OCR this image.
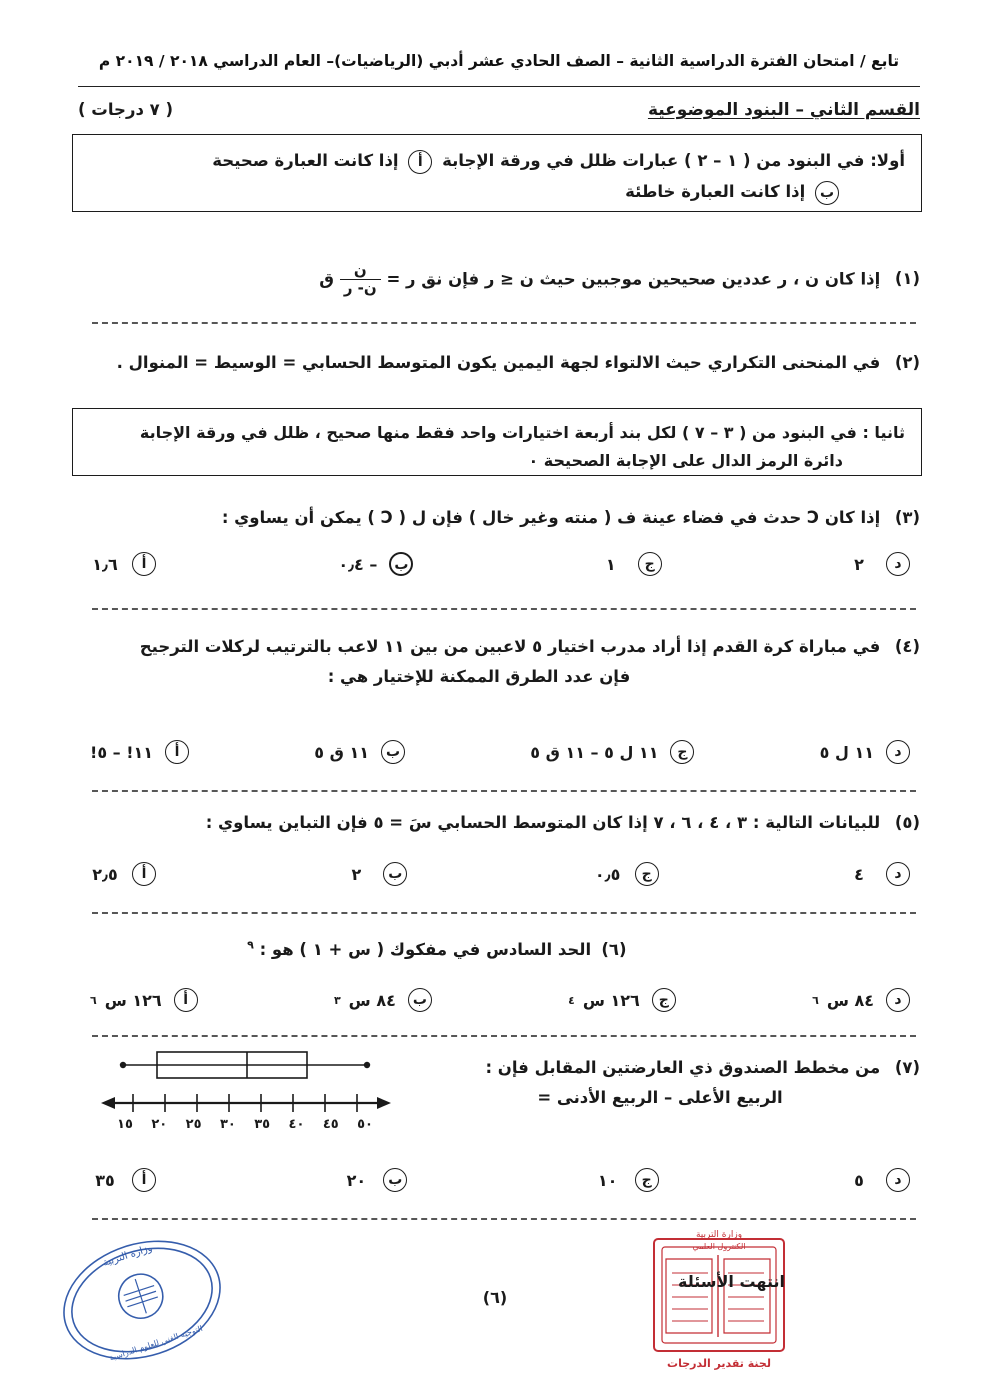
تابع / امتحان الفترة الدراسية الثانية – الصف الحادي عشر أدبي (الرياضيات)– العام الدراسي ٢٠١٨ / ٢٠١٩ م
القسم الثاني – البنود الموضوعية
( ٧ درجات )
أولا: في البنود من ( ١ – ٢ ) عبارات ظلل في ورقة الإجابة أ إذا كانت العبارة صحيحة
ب إذا كانت العبارة خاطئة
(١) إذا كان ن ، ر عددين صحيحين موجبين حيث ن ≤ ر فإن نق ر =
$\frac{\text{ن}}{\text{ن- ر}}$
ق
(٢) في المنحنى التكراري حيث الالتواء لجهة اليمين يكون المتوسط الحسابي = الوسيط = المنوال .
ثانيا : في البنود من ( ٣ – ٧ ) لكل بند أربعة اختيارات واحد فقط منها صحيح ، ظلل في ورقة الإجابة
دائرة الرمز الدال على الإجابة الصحيحة ٠
(٣) إذا كان Ↄ حدث في فضاء عينة ف ( منته وغير خال ) فإن ل ( Ↄ ) يمكن أن يساوي :
د
٢
ج
١
ب
– ٠٫٤
أ
١٫٦
(٤) في مباراة كرة القدم إذا أراد مدرب اختيار ٥ لاعبين من بين ١١ لاعب بالترتيب لركلات الترجيح
فإن عدد الطرق الممكنة للإختيار هي :
د
١١ ل ٥
ج
١١ ل ٥ – ١١ ق ٥
ب
١١ ق ٥
أ
١١! – ٥!
(٥) للبيانات التالية : ٣ ، ٤ ، ٦ ، ٧ إذا كان المتوسط الحسابي سَ = ٥ فإن التباين يساوي :
د
٤
ج
٠٫٥
ب
٢
أ
٢٫٥
(٦) الحد السادس في مفكوك ( س + ١ ) هو : $^٩$
د
٨٤ س
٦
ج
١٢٦ س
٤
ب
٨٤ س
٣
أ
١٢٦ س
٦
(٧) من مخطط الصندوق ذي العارضتين المقابل فإن :
الربيع الأعلى – الربيع الأدنى =
١٥ ٢٠ ٢٥ ٣٠ ٣٥ ٤٠ ٤٥ ٥٠
د
٥
ج
١٠
ب
٢٠
أ
٣٥
وزارة التربية
التوجيه الفني للعلوم الدراسية
وزارة التربية
الكنترول العلمي
لجنة تقدير الدرجات
انتهت الأسئلة
(٦)
